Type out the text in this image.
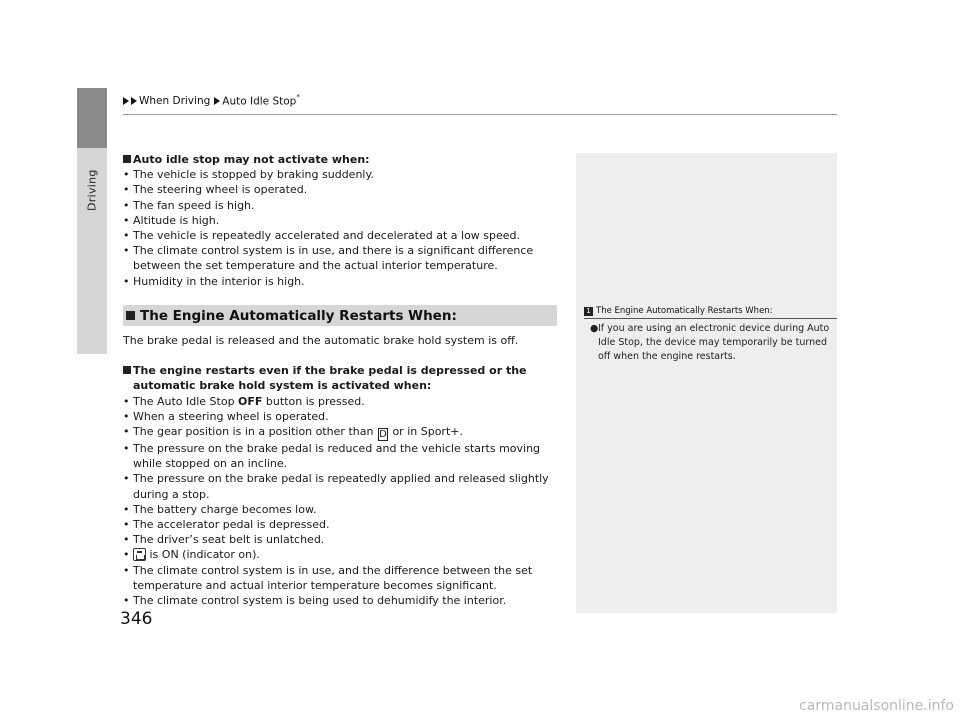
Driving
When Driving Auto Idle Stop*
1 The Engine Automatically Restarts When:
● If you are using an electronic device during Auto Idle Stop, the device may temporarily be turned off when the engine restarts.
Auto idle stop may not activate when:
• The vehicle is stopped by braking suddenly.
• The steering wheel is operated.
• The fan speed is high.
• Altitude is high.
• The vehicle is repeatedly accelerated and decelerated at a low speed.
• The climate control system is in use, and there is a significant difference between the set temperature and the actual interior temperature.
• Humidity in the interior is high.
The Engine Automatically Restarts When:
The brake pedal is released and the automatic brake hold system is off.
The engine restarts even if the brake pedal is depressed or the automatic brake hold system is activated when:
• The Auto Idle Stop OFF button is pressed.
• When a steering wheel is operated.
• The gear position is in a position other than D or in Sport+.
• The pressure on the brake pedal is reduced and the vehicle starts moving while stopped on an incline.
• The pressure on the brake pedal is repeatedly applied and released slightly during a stop.
• The battery charge becomes low.
• The accelerator pedal is depressed.
• The driver’s seat belt is unlatched.
• is ON (indicator on).
• The climate control system is in use, and the difference between the set temperature and actual interior temperature becomes significant.
• The climate control system is being used to dehumidify the interior.
346
carmanualsonline.info
